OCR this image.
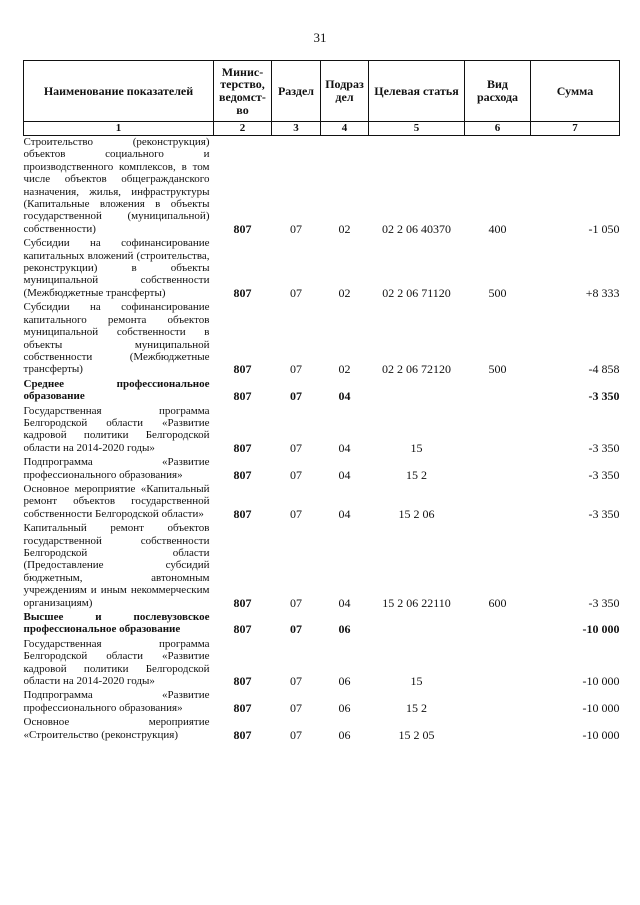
31
Наименование показателей	Минис-терство, ведомст-во	Раздел	Подраз дел	Целевая статья	Вид расхода	Сумма
1	2	3	4	5	6	7
Строительство (реконструкция) объектов социального и производственного комплексов, в том числе объектов общегражданского назначения, жилья, инфраструктуры (Капитальные вложения в объекты государственной (муниципальной) собственности)	807	07	02	02 2 06 40370	400	-1 050
Субсидии на софинансирование капитальных вложений (строительства, реконструкции) в объекты муниципальной собственности (Межбюджетные трансферты)	807	07	02	02 2 06 71120	500	+8 333
Субсидии на софинансирование капитального ремонта объектов муниципальной собственности в объекты муниципальной собственности (Межбюджетные трансферты)	807	07	02	02 2 06 72120	500	-4 858
Среднее профессиональное образование	807	07	04			-3 350
Государственная программа Белгородской области «Развитие кадровой политики Белгородской области на 2014-2020 годы»	807	07	04	15		-3 350
Подпрограмма «Развитие профессионального образования»	807	07	04	15 2		-3 350
Основное мероприятие «Капитальный ремонт объектов государственной собственности Белгородской области»	807	07	04	15 2 06		-3 350
Капитальный ремонт объектов государственной собственности Белгородской области (Предоставление субсидий бюджетным, автономным учреждениям и иным некоммерческим организациям)	807	07	04	15 2 06 22110	600	-3 350
Высшее и послевузовское профессиональное образование	807	07	06			-10 000
Государственная программа Белгородской области «Развитие кадровой политики Белгородской области на 2014-2020 годы»	807	07	06	15		-10 000
Подпрограмма «Развитие профессионального образования»	807	07	06	15 2		-10 000
Основное мероприятие «Строительство (реконструкция)	807	07	06	15 2 05		-10 000
